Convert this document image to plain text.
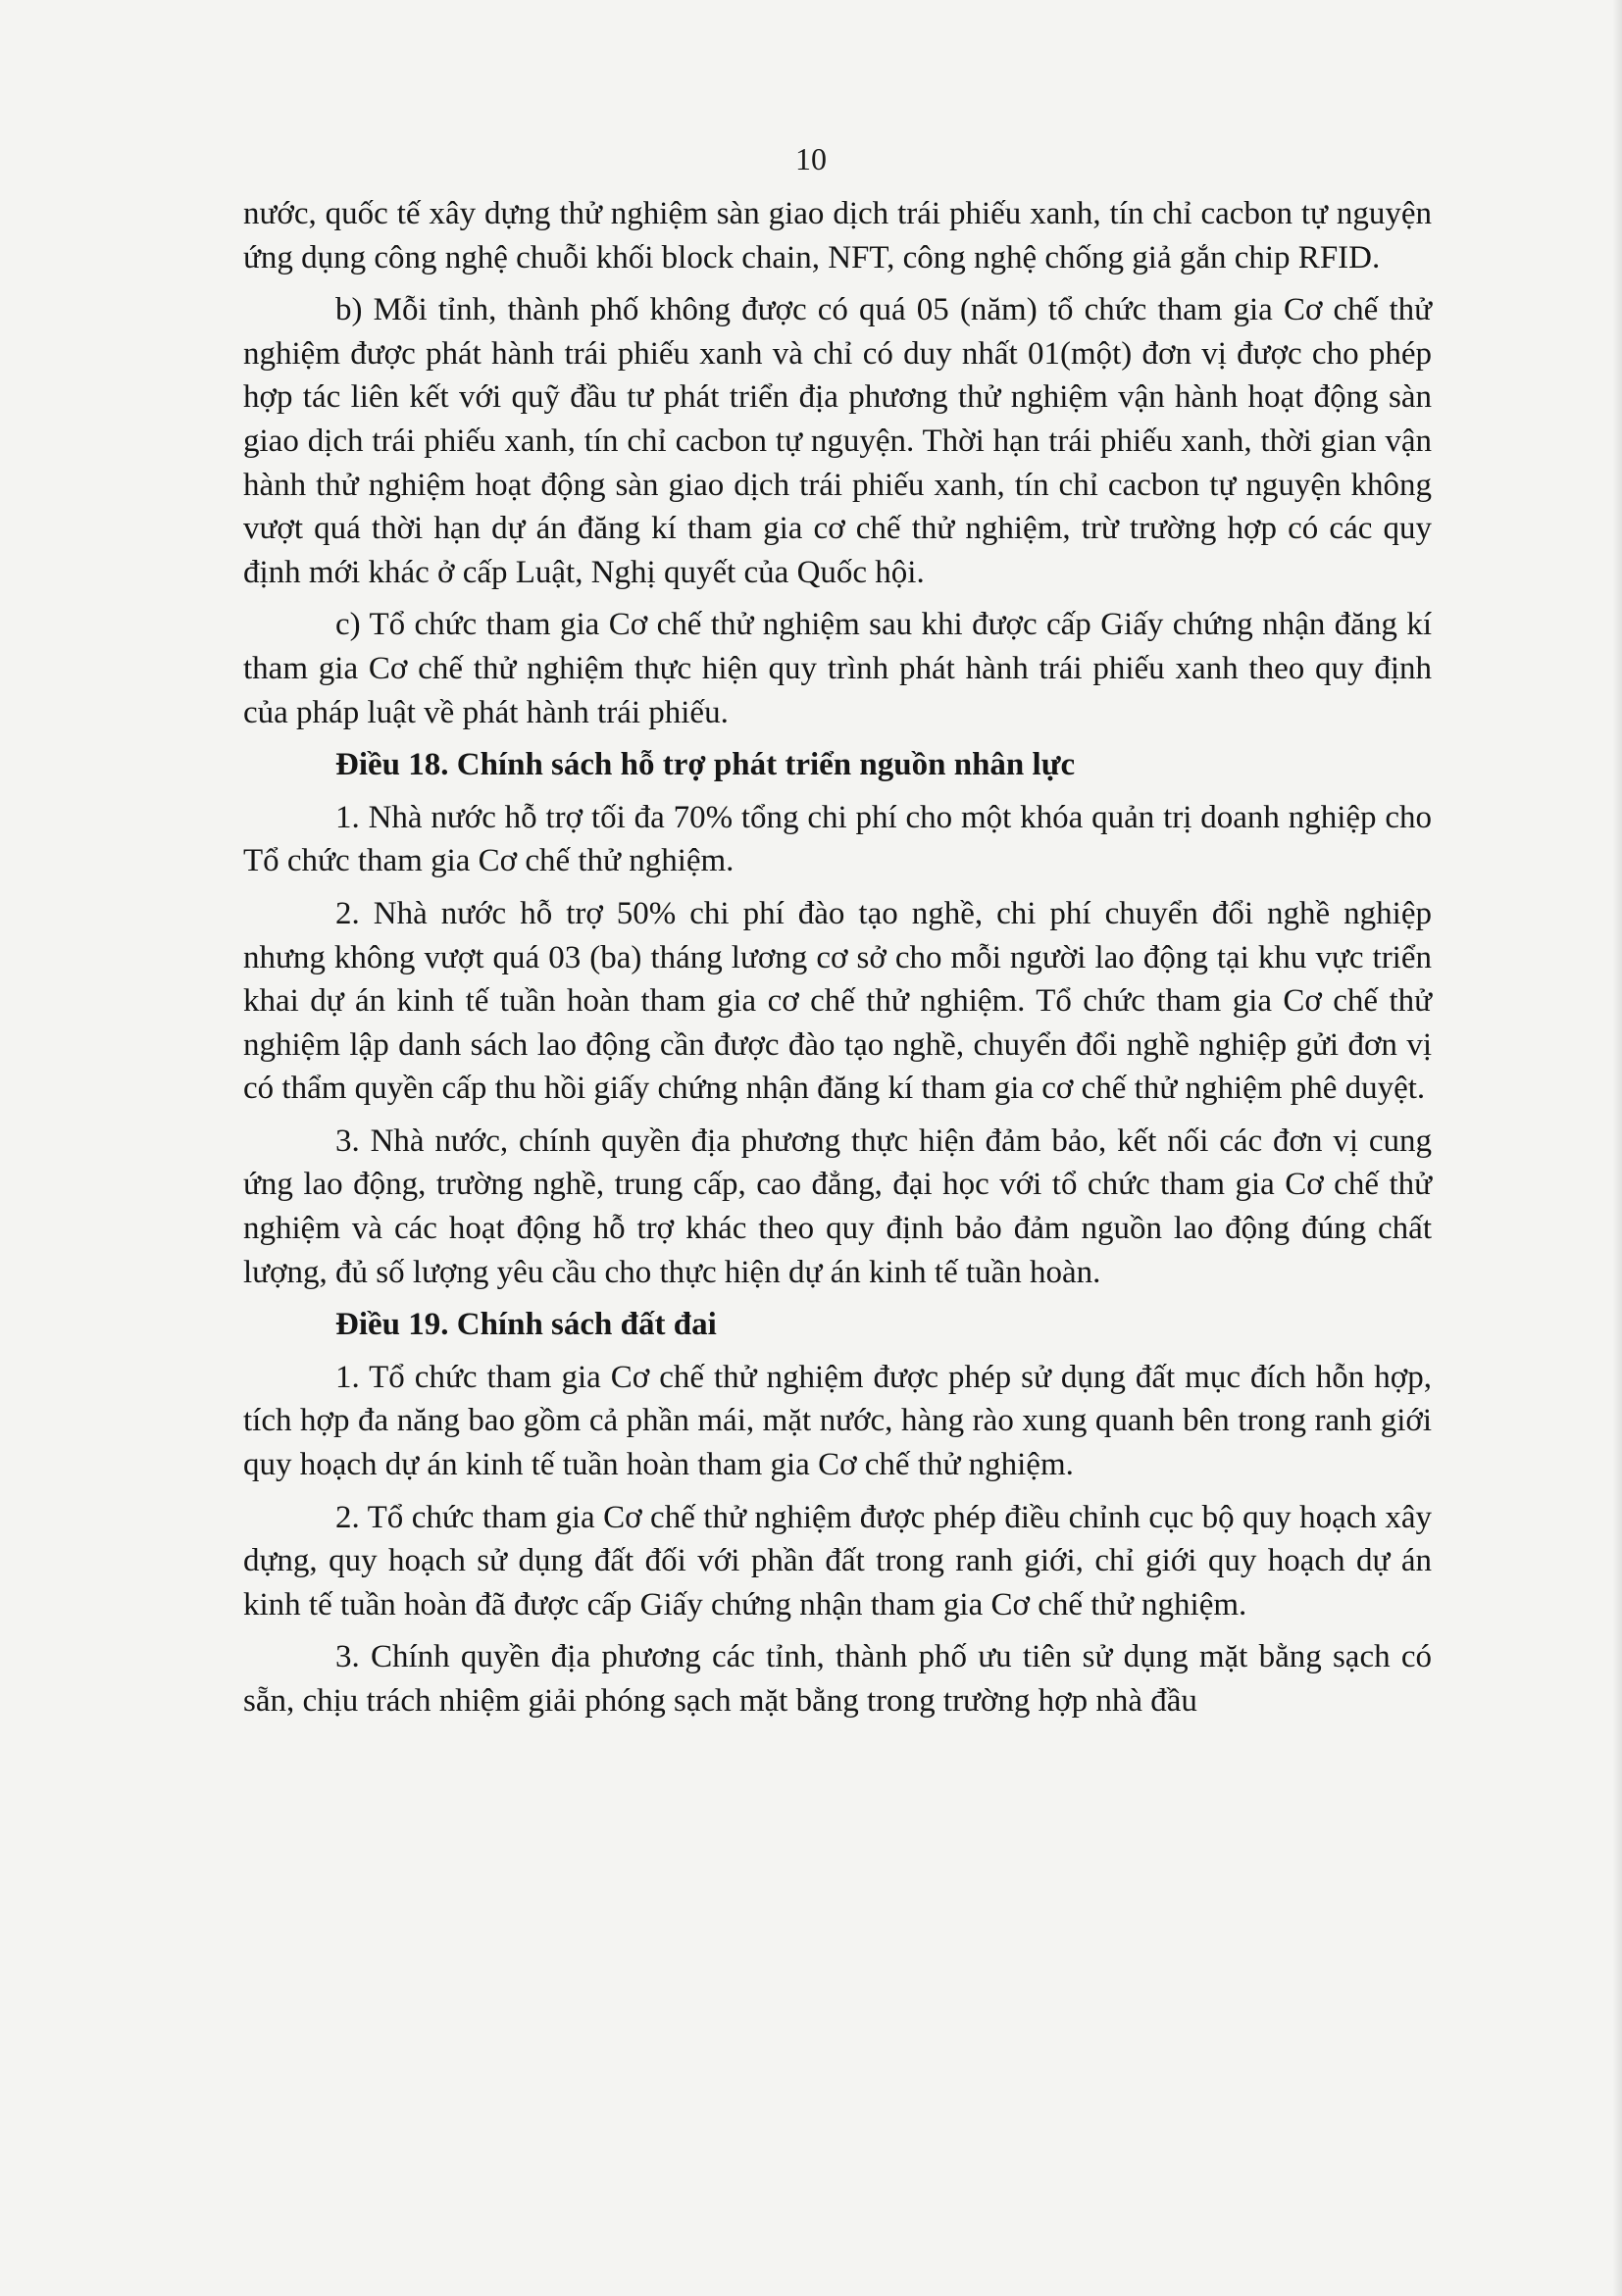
10

nước, quốc tế xây dựng thử nghiệm sàn giao dịch trái phiếu xanh, tín chỉ cacbon tự nguyện ứng dụng công nghệ chuỗi khối block chain, NFT, công nghệ chống giả gắn chip RFID.

b) Mỗi tỉnh, thành phố không được có quá 05 (năm) tổ chức tham gia Cơ chế thử nghiệm được phát hành trái phiếu xanh và chỉ có duy nhất 01(một) đơn vị được cho phép hợp tác liên kết với quỹ đầu tư phát triển địa phương thử nghiệm vận hành hoạt động sàn giao dịch trái phiếu xanh, tín chỉ cacbon tự nguyện. Thời hạn trái phiếu xanh, thời gian vận hành thử nghiệm hoạt động sàn giao dịch trái phiếu xanh, tín chỉ cacbon tự nguyện không vượt quá thời hạn dự án đăng kí tham gia cơ chế thử nghiệm, trừ trường hợp có các quy định mới khác ở cấp Luật, Nghị quyết của Quốc hội.

c) Tổ chức tham gia Cơ chế thử nghiệm sau khi được cấp Giấy chứng nhận đăng kí tham gia Cơ chế thử nghiệm thực hiện quy trình phát hành trái phiếu xanh theo quy định của pháp luật về phát hành trái phiếu.

Điều 18. Chính sách hỗ trợ phát triển nguồn nhân lực

1. Nhà nước hỗ trợ tối đa 70% tổng chi phí cho một khóa quản trị doanh nghiệp cho Tổ chức tham gia Cơ chế thử nghiệm.

2. Nhà nước hỗ trợ 50% chi phí đào tạo nghề, chi phí chuyển đổi nghề nghiệp nhưng không vượt quá 03 (ba) tháng lương cơ sở cho mỗi người lao động tại khu vực triển khai dự án kinh tế tuần hoàn tham gia cơ chế thử nghiệm. Tổ chức tham gia Cơ chế thử nghiệm lập danh sách lao động cần được đào tạo nghề, chuyển đổi nghề nghiệp gửi đơn vị có thẩm quyền cấp thu hồi giấy chứng nhận đăng kí tham gia cơ chế thử nghiệm phê duyệt.

3. Nhà nước, chính quyền địa phương thực hiện đảm bảo, kết nối các đơn vị cung ứng lao động, trường nghề, trung cấp, cao đẳng, đại học với tổ chức tham gia Cơ chế thử nghiệm và các hoạt động hỗ trợ khác theo quy định bảo đảm nguồn lao động đúng chất lượng, đủ số lượng yêu cầu cho thực hiện dự án kinh tế tuần hoàn.

Điều 19. Chính sách đất đai

1. Tổ chức tham gia Cơ chế thử nghiệm được phép sử dụng đất mục đích hỗn hợp, tích hợp đa năng bao gồm cả phần mái, mặt nước, hàng rào xung quanh bên trong ranh giới quy hoạch dự án kinh tế tuần hoàn tham gia Cơ chế thử nghiệm.

2. Tổ chức tham gia Cơ chế thử nghiệm được phép điều chỉnh cục bộ quy hoạch xây dựng, quy hoạch sử dụng đất đối với phần đất trong ranh giới, chỉ giới quy hoạch dự án kinh tế tuần hoàn đã được cấp Giấy chứng nhận tham gia Cơ chế thử nghiệm.

3. Chính quyền địa phương các tỉnh, thành phố ưu tiên sử dụng mặt bằng sạch có sẵn, chịu trách nhiệm giải phóng sạch mặt bằng trong trường hợp nhà đầu
